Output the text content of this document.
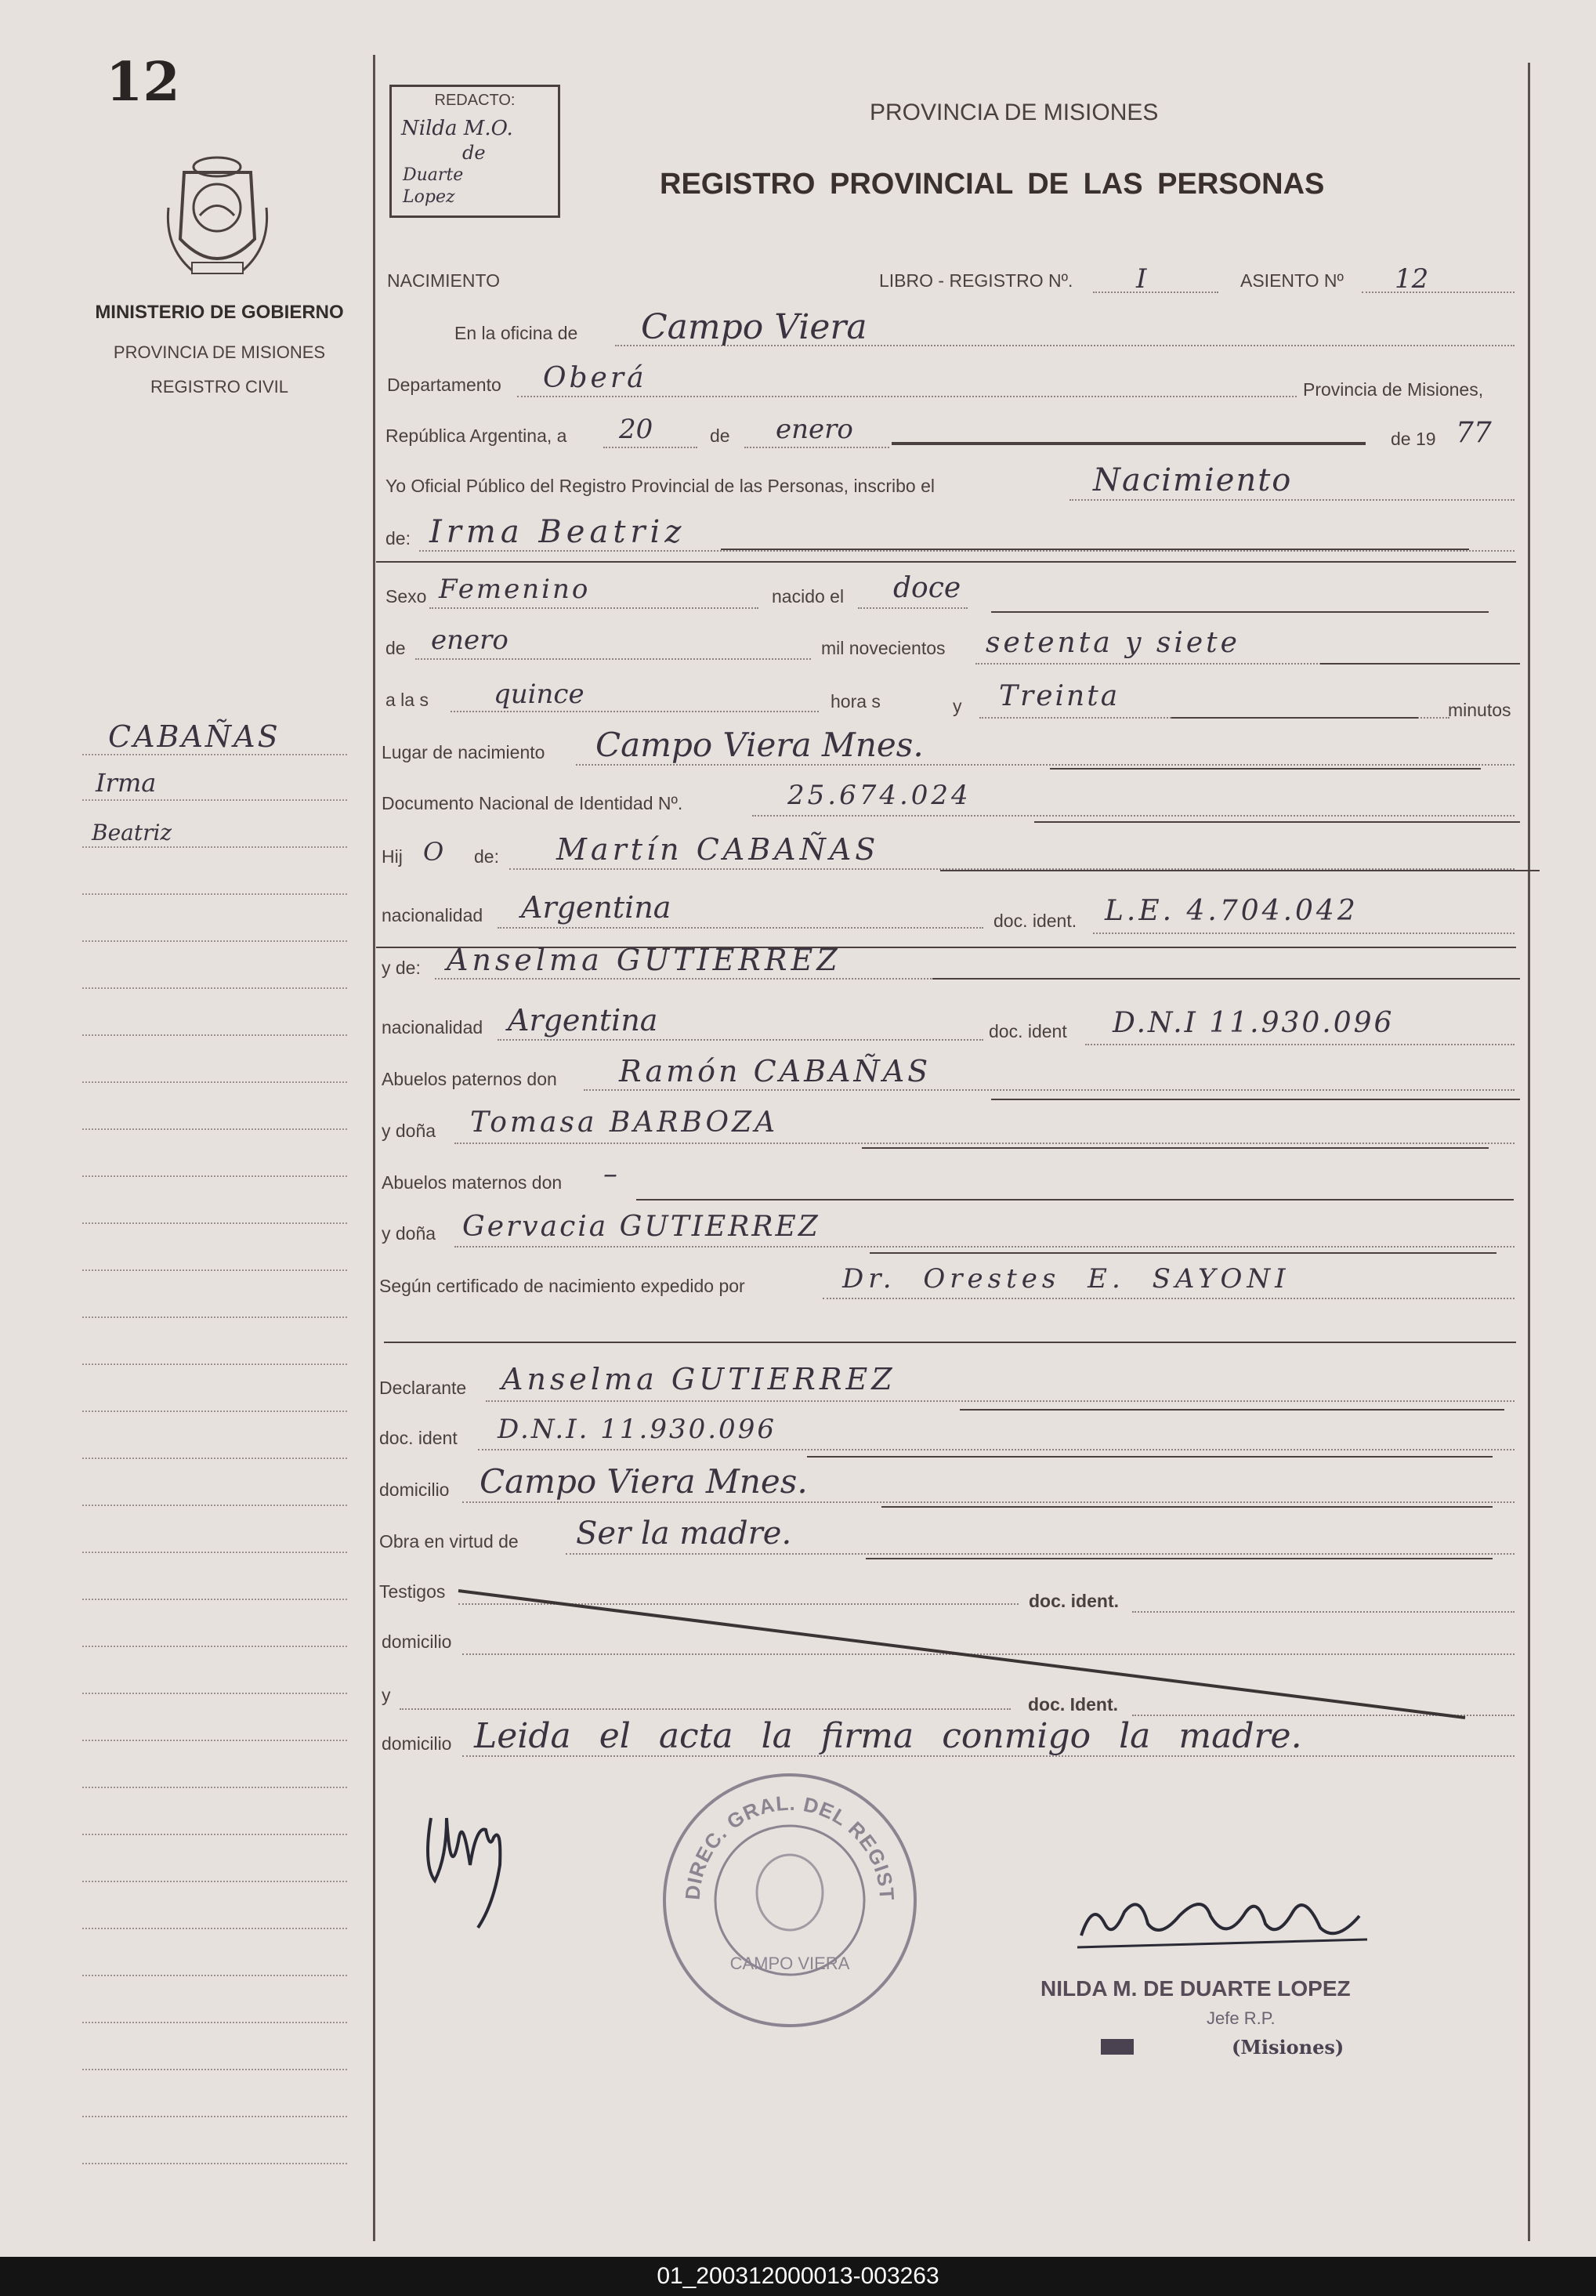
12
MINISTERIO DE GOBIERNO
PROVINCIA DE MISIONES
REGISTRO CIVIL
CABAÑAS
Irma
Beatriz
REDACTO:
Nilda M.O.
de
Duarte
Lopez
PROVINCIA DE MISIONES
REGISTRO PROVINCIAL DE LAS PERSONAS
NACIMIENTO	LIBRO - REGISTRO Nº. I	ASIENTO Nº 12
En la oficina de Campo Viera
Departamento Oberá	Provincia de Misiones,
República Argentina, a 20	de enero	de 19 77
Yo Oficial Público del Registro Provincial de las Personas, inscribo el	Nacimiento
de: Irma Beatriz
Sexo Femenino	nacido el doce
de enero	mil novecientos setenta y siete
a la s quince	hora s	y Treinta	minutos
Lugar de nacimiento Campo Viera Mnes.
Documento Nacional de Identidad Nº.	25.674.024
Hij O de: Martín CABAÑAS
nacionalidad Argentina	doc. ident. L.E. 4.704.042
y de: Anselma GUTIERREZ
nacionalidad Argentina	doc. ident D.N.I 11.930.096
Abuelos paternos don Ramón CABAÑAS
y doña Tomasa BARBOZA
Abuelos maternos don –
y doña Gervacia GUTIERREZ
Según certificado de nacimiento expedido por	Dr. Orestes E. SAYONI
Declarante Anselma GUTIERREZ
doc. ident D.N.I. 11.930.096
domicilio Campo Viera Mnes.
Obra en virtud de Ser la madre.
Testigos	doc. ident.
domicilio
y	doc. Ident.
domicilio Leida el acta la firma conmigo la madre.
DIREC. GRAL. DEL REGIST
CAMPO VIERA
NILDA M. DE DUARTE LOPEZ
Jefe R.P.
(Misiones)
01_200312000013-003263
